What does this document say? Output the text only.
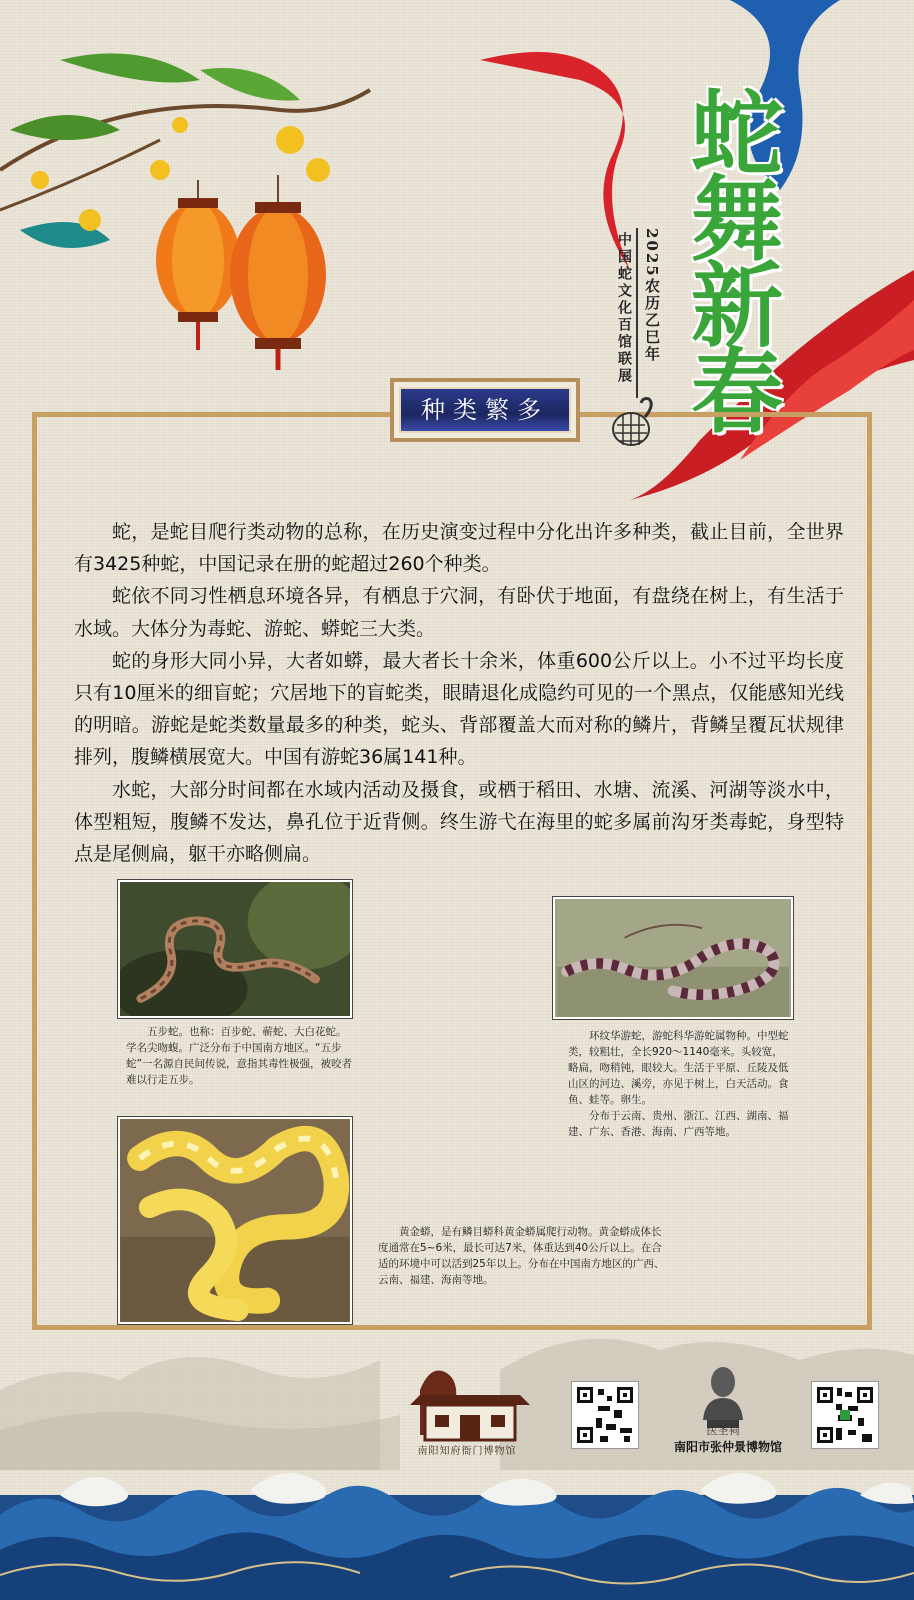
2025农历乙巳年
中国蛇文化百馆联展 蛇舞新春
种类繁多

蛇，是蛇目爬行类动物的总称，在历史演变过程中分化出许多种类，截止目前，全世界有3425种蛇，中国记录在册的蛇超过260个种类。

蛇依不同习性栖息环境各异，有栖息于穴洞，有卧伏于地面，有盘绕在树上，有生活于水域。大体分为毒蛇、游蛇、蟒蛇三大类。

蛇的身形大同小异，大者如蟒，最大者长十余米，体重600公斤以上。小不过平均长度只有10厘米的细盲蛇；穴居地下的盲蛇类，眼睛退化成隐约可见的一个黑点，仅能感知光线的明暗。游蛇是蛇类数量最多的种类，蛇头、背部覆盖大而对称的鳞片，背鳞呈覆瓦状规律排列，腹鳞横展宽大。中国有游蛇36属141种。

水蛇，大部分时间都在水域内活动及摄食，或栖于稻田、水塘、流溪、河湖等淡水中，体型粗短，腹鳞不发达，鼻孔位于近背侧。终生游弋在海里的蛇多属前沟牙类毒蛇，身型特点是尾侧扁，躯干亦略侧扁。

五步蛇。也称：百步蛇、蕲蛇、大白花蛇。学名尖吻蝮。广泛分布于中国南方地区。“五步蛇”一名源自民间传说，意指其毒性极强，被咬者难以行走五步。

环纹华游蛇，游蛇科华游蛇属物种。中型蛇类，较粗壮，全长920～1140毫米。头较宽，略扁，吻稍钝，眼较大。生活于平原、丘陵及低山区的河边、溪旁，亦见于树上，白天活动。食鱼、蛙等。卵生。

分布于云南、贵州、浙江、江西、湖南、福建、广东、香港、海南、广西等地。

黄金蟒，是有鳞目蟒科黄金蟒属爬行动物。黄金蟒成体长度通常在5~6米，最长可达7米，体重达到40公斤以上。在合适的环境中可以活到25年以上。分布在中国南方地区的广西、云南、福建、海南等地。

南阳知府衙门博物馆
医圣祠
南阳市张仲景博物馆
